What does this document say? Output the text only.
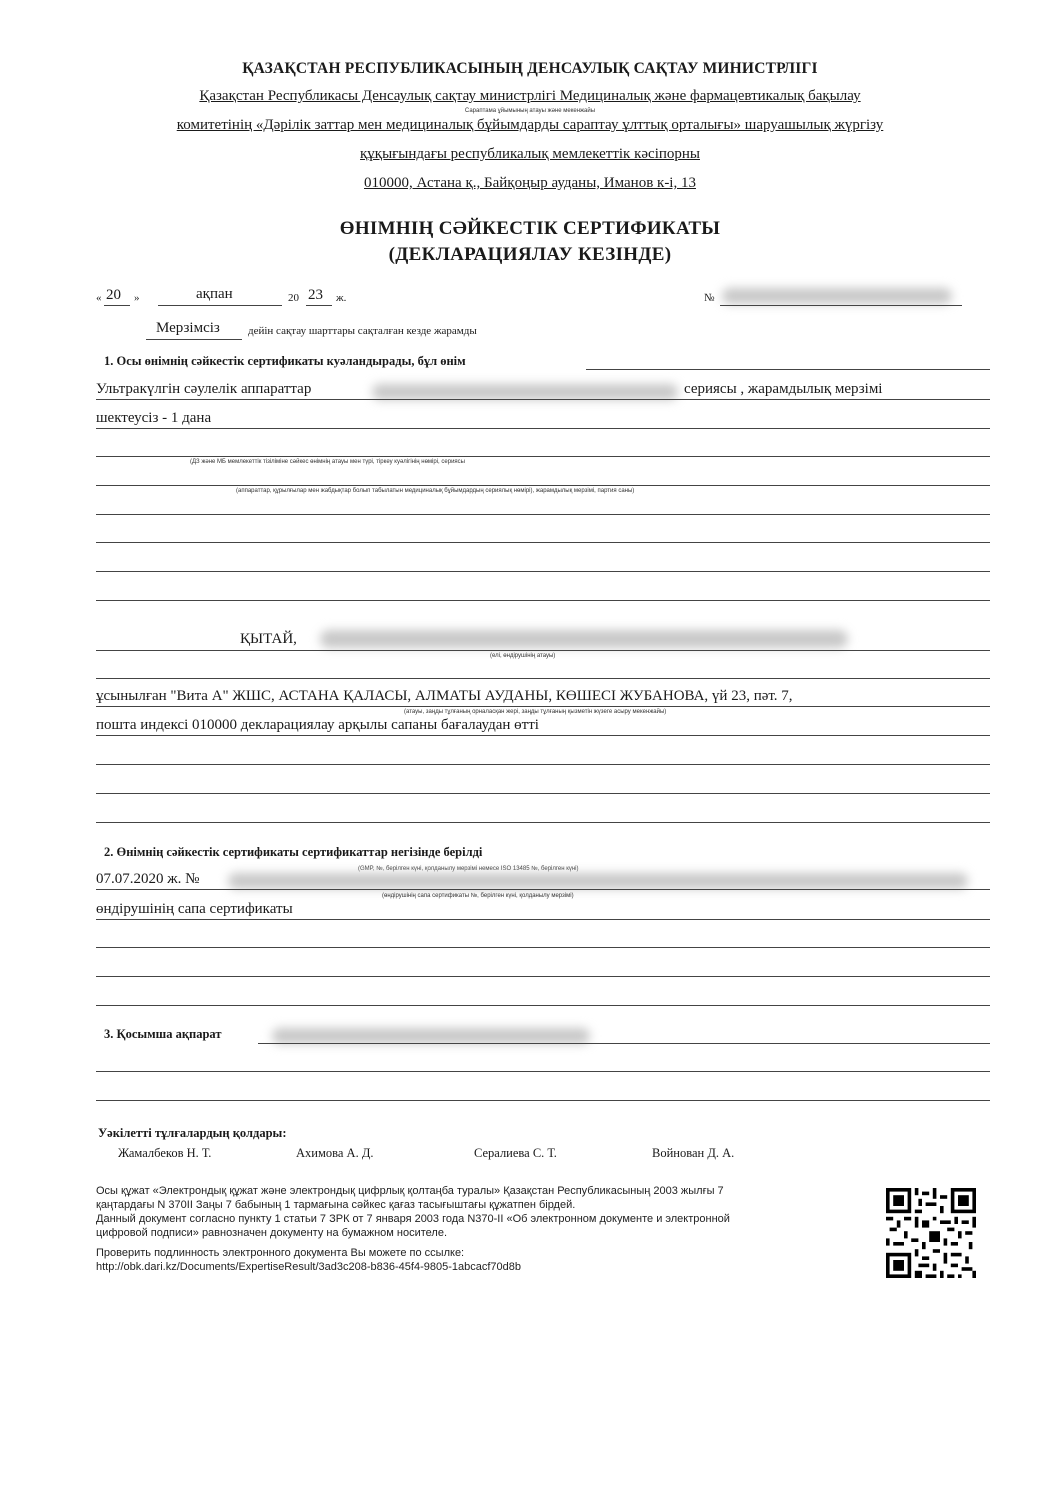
ҚАЗАҚСТАН РЕСПУБЛИКАСЫНЫҢ ДЕНСАУЛЫҚ САҚТАУ МИНИСТРЛІГІ
Қазақстан Республикасы Денсаулық сақтау министрлігі Медициналық және фармацевтикалық бақылау
Сараптама ұйымының атауы және мекенжайы
комитетінің «Дәрілік заттар мен медициналық бұйымдарды сараптау ұлттық орталығы» шаруашылық жүргізу
құқығындағы республикалық мемлекеттік кәсіпорны
010000, Астана қ., Байқоңыр ауданы, Иманов к-і, 13
ӨНІМНІҢ СӘЙКЕСТІК СЕРТИФИКАТЫ
(ДЕКЛАРАЦИЯЛАУ КЕЗІНДЕ)
« 20 »	ақпан	20 23 ж.	№
Мерзімсіз	дейін сақтау шарттары сақталған кезде жарамды
1. Осы өнімнің сәйкестік сертификаты куәландырады, бұл өнім
Ультракүлгін сәулелік аппараттар	сериясы , жарамдылық мерзімі
шектеусіз - 1 дана
(ДЗ және МБ мемлекеттік тізіліміне сәйкес өнімнің атауы мен түрі, тіркеу куәлігінің нөмірі, сериясы
(аппараттар, құрылғылар мен жабдықтар болып табылатын медициналық бұйымдардың сериялық нөмірі), жарамдылық мерзімі, партия саны)
ҚЫТАЙ,
(елі, өндірушінің атауы)
ұсынылған "Вита А" ЖШС, АСТАНА ҚАЛАСЫ, АЛМАТЫ АУДАНЫ, КӨШЕСІ ЖУБАНОВА, үй 23, пәт. 7,
(атауы, заңды тұлғаның орналасқан жері, заңды тұлғаның қызметін жүзеге асыру мекенжайы)
пошта индексі 010000 декларациялау арқылы сапаны бағалаудан өтті
2. Өнімнің сәйкестік сертификаты сертификаттар негізінде берілді
(GMP, №, берілген күні, қолданылу мерзімі немесе ISO 13485 №, берілген күні)
07.07.2020 ж. №
(өндірушінің сапа сертификаты №, берілген күні, қолданылу мерзімі)
өндірушінің сапа сертификаты
3. Қосымша ақпарат
Уәкілетті тұлғалардың қолдары:
Жамалбеков Н. Т.	Ахимова А. Д.	Сералиева С. Т.	Войнован Д. А.
Осы құжат «Электрондық құжат және электрондық цифрлық қолтаңба туралы» Қазақстан Республикасының 2003 жылғы 7
қаңтардағы N 370II Заңы 7 бабының 1 тармағына сәйкес қағаз тасығыштағы құжатпен бірдей.
Данный документ согласно пункту 1 статьи 7 ЗРК от 7 января 2003 года N370-II «Об электронном документе и электронной
цифровой подписи» равнозначен документу на бумажном носителе.
Проверить подлинность электронного документа Вы можете по ссылке:
http://obk.dari.kz/Documents/ExpertiseResult/3ad3c208-b836-45f4-9805-1abcacf70d8b
